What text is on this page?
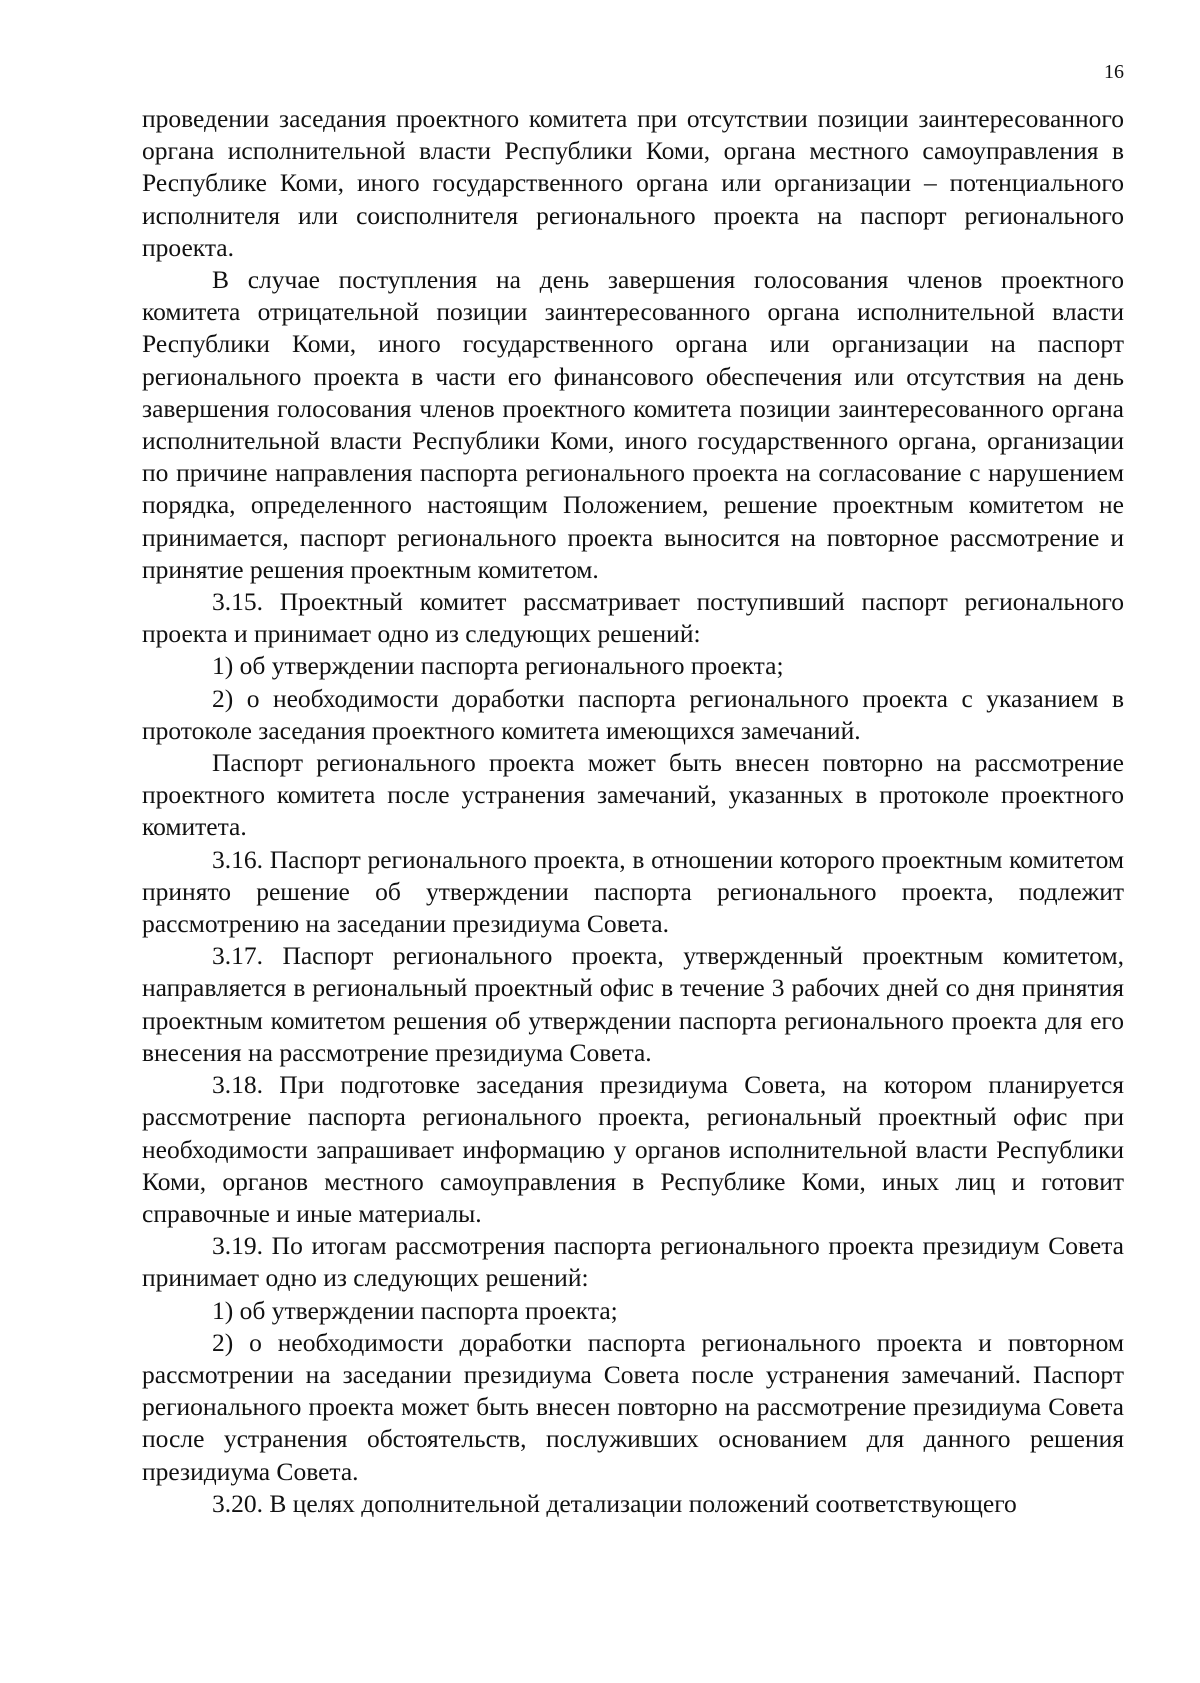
16

проведении заседания проектного комитета при отсутствии позиции заинтересованного органа исполнительной власти Республики Коми, органа местного самоуправления в Республике Коми, иного государственного органа или организации – потенциального исполнителя или соисполнителя регионального проекта на паспорт регионального проекта.

В случае поступления на день завершения голосования членов проектного комитета отрицательной позиции заинтересованного органа исполнительной власти Республики Коми, иного государственного органа или организации на паспорт регионального проекта в части его финансового обеспечения или отсутствия на день завершения голосования членов проектного комитета позиции заинтересованного органа исполнительной власти Республики Коми, иного государственного органа, организации по причине направления паспорта регионального проекта на согласование с нарушением порядка, определенного настоящим Положением, решение проектным комитетом не принимается, паспорт регионального проекта выносится на повторное рассмотрение и принятие решения проектным комитетом.

3.15. Проектный комитет рассматривает поступивший паспорт регионального проекта и принимает одно из следующих решений:

1) об утверждении паспорта регионального проекта;

2) о необходимости доработки паспорта регионального проекта с указанием в протоколе заседания проектного комитета имеющихся замечаний.

Паспорт регионального проекта может быть внесен повторно на рассмотрение проектного комитета после устранения замечаний, указанных в протоколе проектного комитета.

3.16. Паспорт регионального проекта, в отношении которого проектным комитетом принято решение об утверждении паспорта регионального проекта, подлежит рассмотрению на заседании президиума Совета.

3.17. Паспорт регионального проекта, утвержденный проектным комитетом, направляется в региональный проектный офис в течение 3 рабочих дней со дня принятия проектным комитетом решения об утверждении паспорта регионального проекта для его внесения на рассмотрение президиума Совета.

3.18. При подготовке заседания президиума Совета, на котором планируется рассмотрение паспорта регионального проекта, региональный проектный офис при необходимости запрашивает информацию у органов исполнительной власти Республики Коми, органов местного самоуправления в Республике Коми, иных лиц и готовит справочные и иные материалы.

3.19. По итогам рассмотрения паспорта регионального проекта президиум Совета принимает одно из следующих решений:

1) об утверждении паспорта проекта;

2) о необходимости доработки паспорта регионального проекта и повторном рассмотрении на заседании президиума Совета после устранения замечаний. Паспорт регионального проекта может быть внесен повторно на рассмотрение президиума Совета после устранения обстоятельств, послуживших основанием для данного решения президиума Совета.

3.20. В целях дополнительной детализации положений соответствующего
